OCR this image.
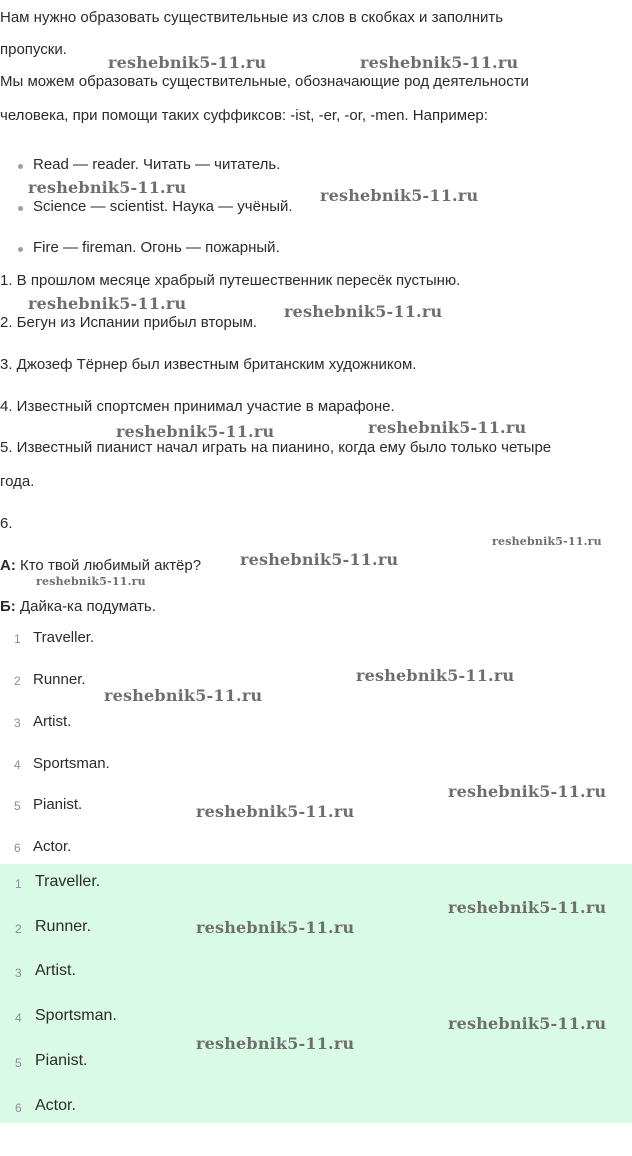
Нам нужно образовать существительные из слов в скобках и заполнить
пропуски.
Мы можем образовать существительные, обозначающие род деятельности
человека, при помощи таких суффиксов: -ist, -er, -or, -men. Например:
Read — reader. Читать — читатель.
Science — scientist. Наука — учёный.
Fire — fireman. Огонь — пожарный.
1. В прошлом месяце храбрый путешественник пересёк пустыню.
2. Бегун из Испании прибыл вторым.
3. Джозеф Тёрнер был известным британским художником.
4. Известный спортсмен принимал участие в марафоне.
5. Известный пианист начал играть на пианино, когда ему было только четыре
года.
6.
А: Кто твой любимый актёр?
Б: Дайка-ка подумать.
1 Traveller.
2 Runner.
3 Artist.
4 Sportsman.
5 Pianist.
6 Actor.
1 Traveller.
2 Runner.
3 Artist.
4 Sportsman.
5 Pianist.
6 Actor.
reshebnik5-11.ru	reshebnik5-11.ru
reshebnik5-11.ru	reshebnik5-11.ru
reshebnik5-11.ru	reshebnik5-11.ru
reshebnik5-11.ru	reshebnik5-11.ru
reshebnik5-11.ru
reshebnik5-11.ru
reshebnik5-11.ru
reshebnik5-11.ru
reshebnik5-11.ru
reshebnik5-11.ru
reshebnik5-11.ru
reshebnik5-11.ru
reshebnik5-11.ru
reshebnik5-11.ru
reshebnik5-11.ru
